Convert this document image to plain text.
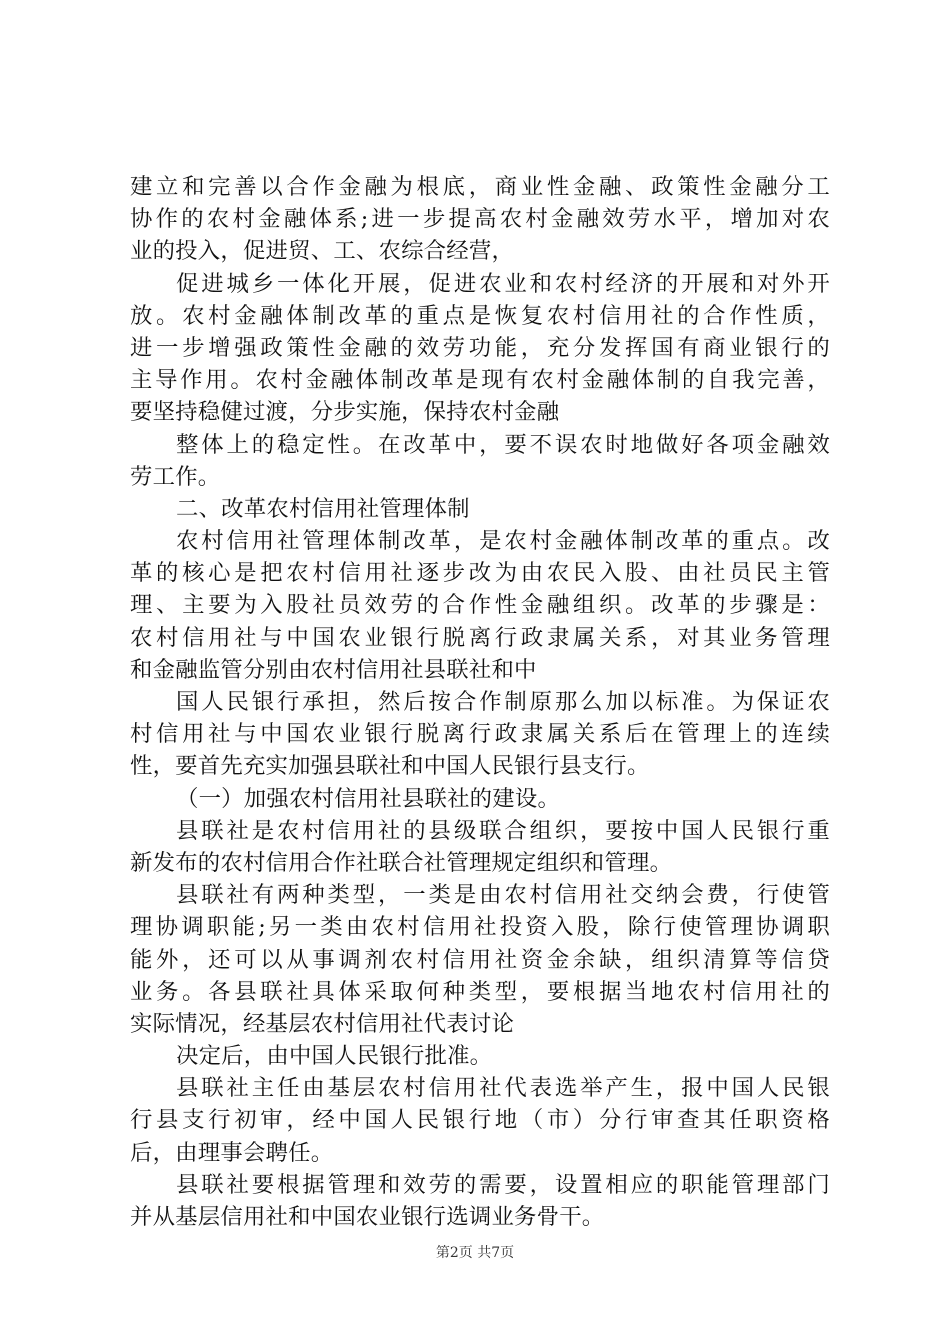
建立和完善以合作金融为根底，商业性金融、政策性金融分工
协作的农村金融体系;进一步提高农村金融效劳水平，增加对农
业的投入，促进贸、工、农综合经营，
促进城乡一体化开展，促进农业和农村经济的开展和对外开
放。农村金融体制改革的重点是恢复农村信用社的合作性质，
进一步增强政策性金融的效劳功能，充分发挥国有商业银行的
主导作用。农村金融体制改革是现有农村金融体制的自我完善，
要坚持稳健过渡，分步实施，保持农村金融
整体上的稳定性。在改革中，要不误农时地做好各项金融效
劳工作。
二、改革农村信用社管理体制
农村信用社管理体制改革，是农村金融体制改革的重点。改
革的核心是把农村信用社逐步改为由农民入股、由社员民主管
理、主要为入股社员效劳的合作性金融组织。改革的步骤是：
农村信用社与中国农业银行脱离行政隶属关系，对其业务管理
和金融监管分别由农村信用社县联社和中
国人民银行承担，然后按合作制原那么加以标准。为保证农
村信用社与中国农业银行脱离行政隶属关系后在管理上的连续
性，要首先充实加强县联社和中国人民银行县支行。
（一）加强农村信用社县联社的建设。
县联社是农村信用社的县级联合组织，要按中国人民银行重
新发布的农村信用合作社联合社管理规定组织和管理。
县联社有两种类型，一类是由农村信用社交纳会费，行使管
理协调职能;另一类由农村信用社投资入股，除行使管理协调职
能外，还可以从事调剂农村信用社资金余缺，组织清算等信贷
业务。各县联社具体采取何种类型，要根据当地农村信用社的
实际情况，经基层农村信用社代表讨论
决定后，由中国人民银行批准。
县联社主任由基层农村信用社代表选举产生，报中国人民银
行县支行初审，经中国人民银行地（市）分行审查其任职资格
后，由理事会聘任。
县联社要根据管理和效劳的需要，设置相应的职能管理部门
并从基层信用社和中国农业银行选调业务骨干。
第2页 共7页
